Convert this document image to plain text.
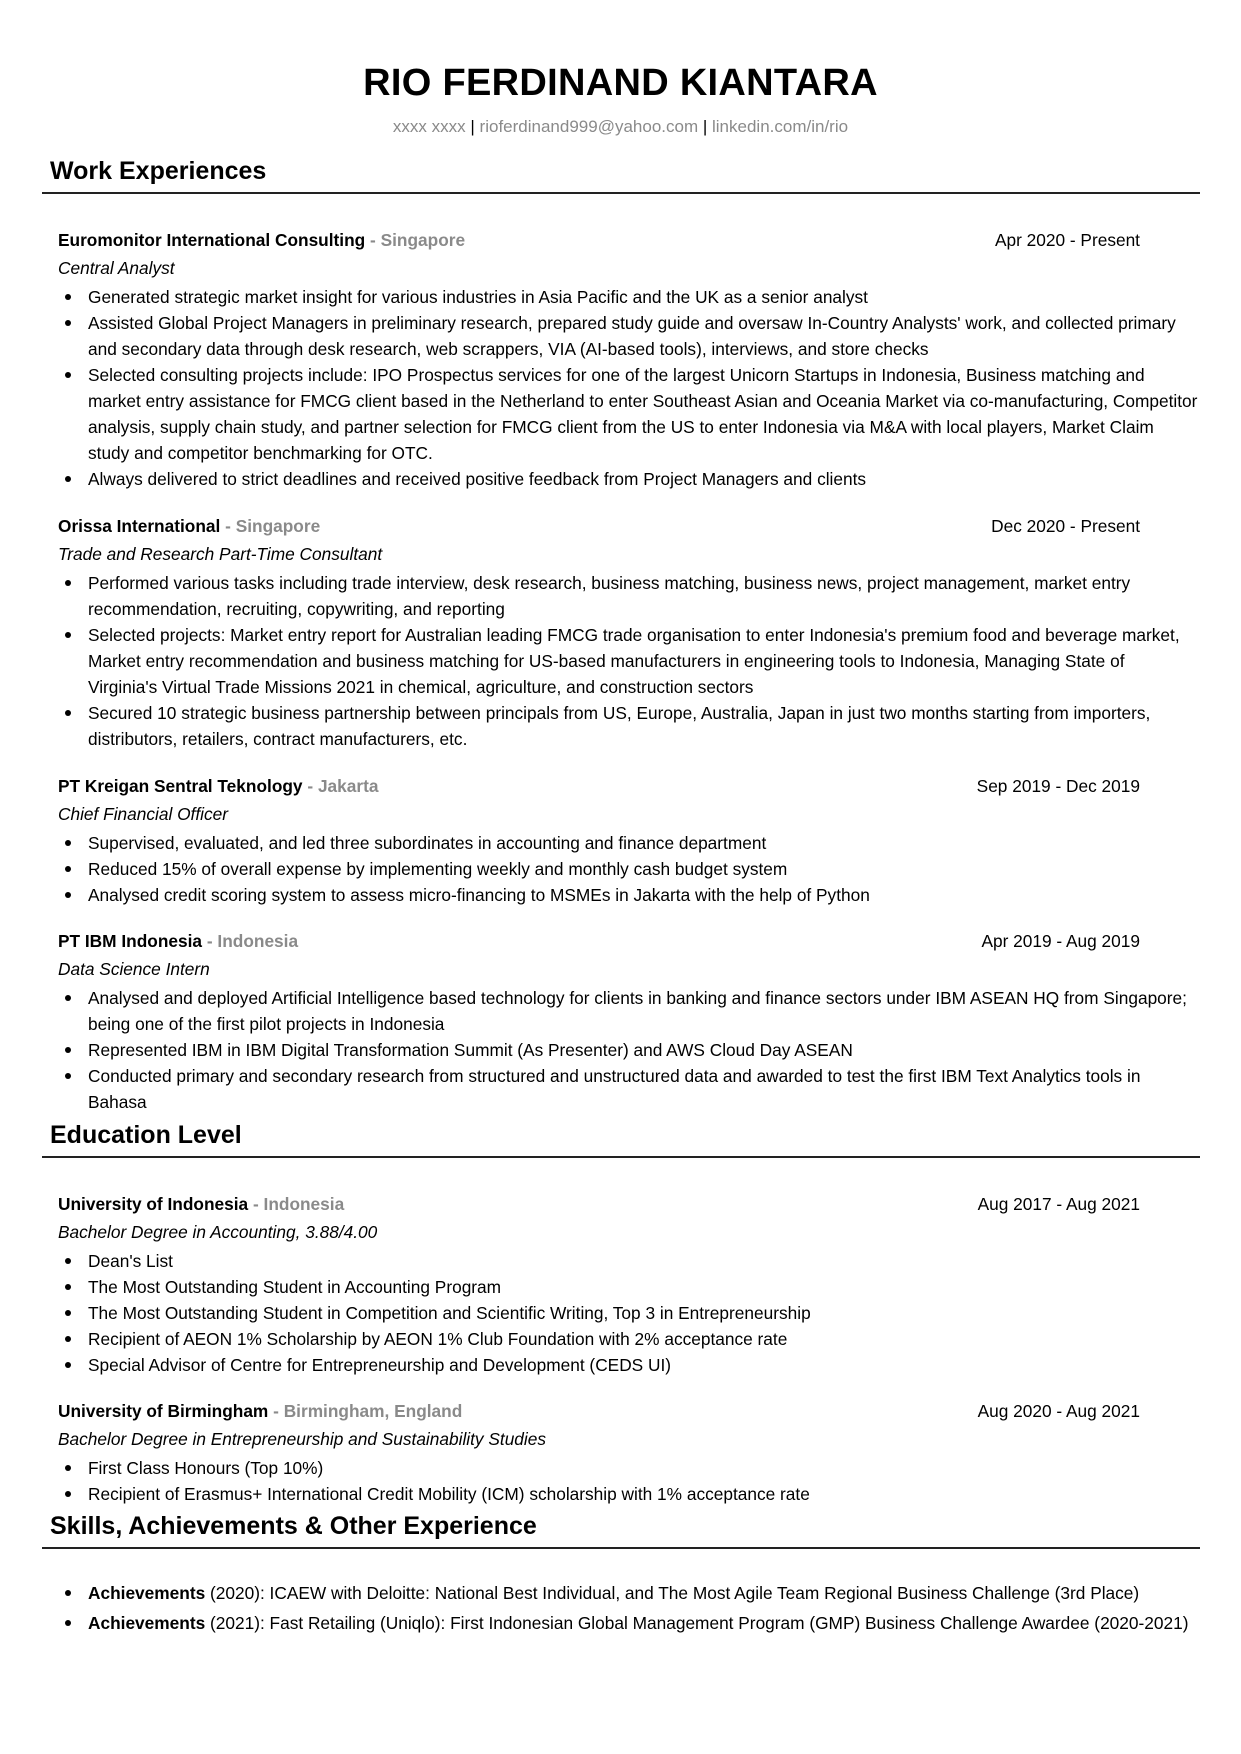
RIO FERDINAND KIANTARA
xxxx xxxx | rioferdinand999@yahoo.com | linkedin.com/in/rio
Work Experiences
Euromonitor International Consulting - Singapore	Apr 2020 - Present
Central Analyst
Generated strategic market insight for various industries in Asia Pacific and the UK as a senior analyst
Assisted Global Project Managers in preliminary research, prepared study guide and oversaw In-Country Analysts' work, and collected primary and secondary data through desk research, web scrappers, VIA (AI-based tools), interviews, and store checks
Selected consulting projects include: IPO Prospectus services for one of the largest Unicorn Startups in Indonesia, Business matching and market entry assistance for FMCG client based in the Netherland to enter Southeast Asian and Oceania Market via co-manufacturing, Competitor analysis, supply chain study, and partner selection for FMCG client from the US to enter Indonesia via M&A with local players, Market Claim study and competitor benchmarking for OTC.
Always delivered to strict deadlines and received positive feedback from Project Managers and clients
Orissa International - Singapore	Dec 2020 - Present
Trade and Research Part-Time Consultant
Performed various tasks including trade interview, desk research, business matching, business news, project management, market entry recommendation, recruiting, copywriting, and reporting
Selected projects: Market entry report for Australian leading FMCG trade organisation to enter Indonesia's premium food and beverage market, Market entry recommendation and business matching for US-based manufacturers in engineering tools to Indonesia, Managing State of Virginia's Virtual Trade Missions 2021 in chemical, agriculture, and construction sectors
Secured 10 strategic business partnership between principals from US, Europe, Australia, Japan in just two months starting from importers, distributors, retailers, contract manufacturers, etc.
PT Kreigan Sentral Teknology - Jakarta	Sep 2019 - Dec 2019
Chief Financial Officer
Supervised, evaluated, and led three subordinates in accounting and finance department
Reduced 15% of overall expense by implementing weekly and monthly cash budget system
Analysed credit scoring system to assess micro-financing to MSMEs in Jakarta with the help of Python
PT IBM Indonesia - Indonesia	Apr 2019 - Aug 2019
Data Science Intern
Analysed and deployed Artificial Intelligence based technology for clients in banking and finance sectors under IBM ASEAN HQ from Singapore; being one of the first pilot projects in Indonesia
Represented IBM in IBM Digital Transformation Summit (As Presenter) and AWS Cloud Day ASEAN
Conducted primary and secondary research from structured and unstructured data and awarded to test the first IBM Text Analytics tools in Bahasa
Education Level
University of Indonesia - Indonesia	Aug 2017 - Aug 2021
Bachelor Degree in Accounting, 3.88/4.00
Dean's List
The Most Outstanding Student in Accounting Program
The Most Outstanding Student in Competition and Scientific Writing, Top 3 in Entrepreneurship
Recipient of AEON 1% Scholarship by AEON 1% Club Foundation with 2% acceptance rate
Special Advisor of Centre for Entrepreneurship and Development (CEDS UI)
University of Birmingham - Birmingham, England	Aug 2020 - Aug 2021
Bachelor Degree in Entrepreneurship and Sustainability Studies
First Class Honours (Top 10%)
Recipient of Erasmus+ International Credit Mobility (ICM) scholarship with 1% acceptance rate
Skills, Achievements & Other Experience
Achievements (2020): ICAEW with Deloitte: National Best Individual, and The Most Agile Team Regional Business Challenge (3rd Place)
Achievements (2021): Fast Retailing (Uniqlo): First Indonesian Global Management Program (GMP) Business Challenge Awardee (2020-2021)
